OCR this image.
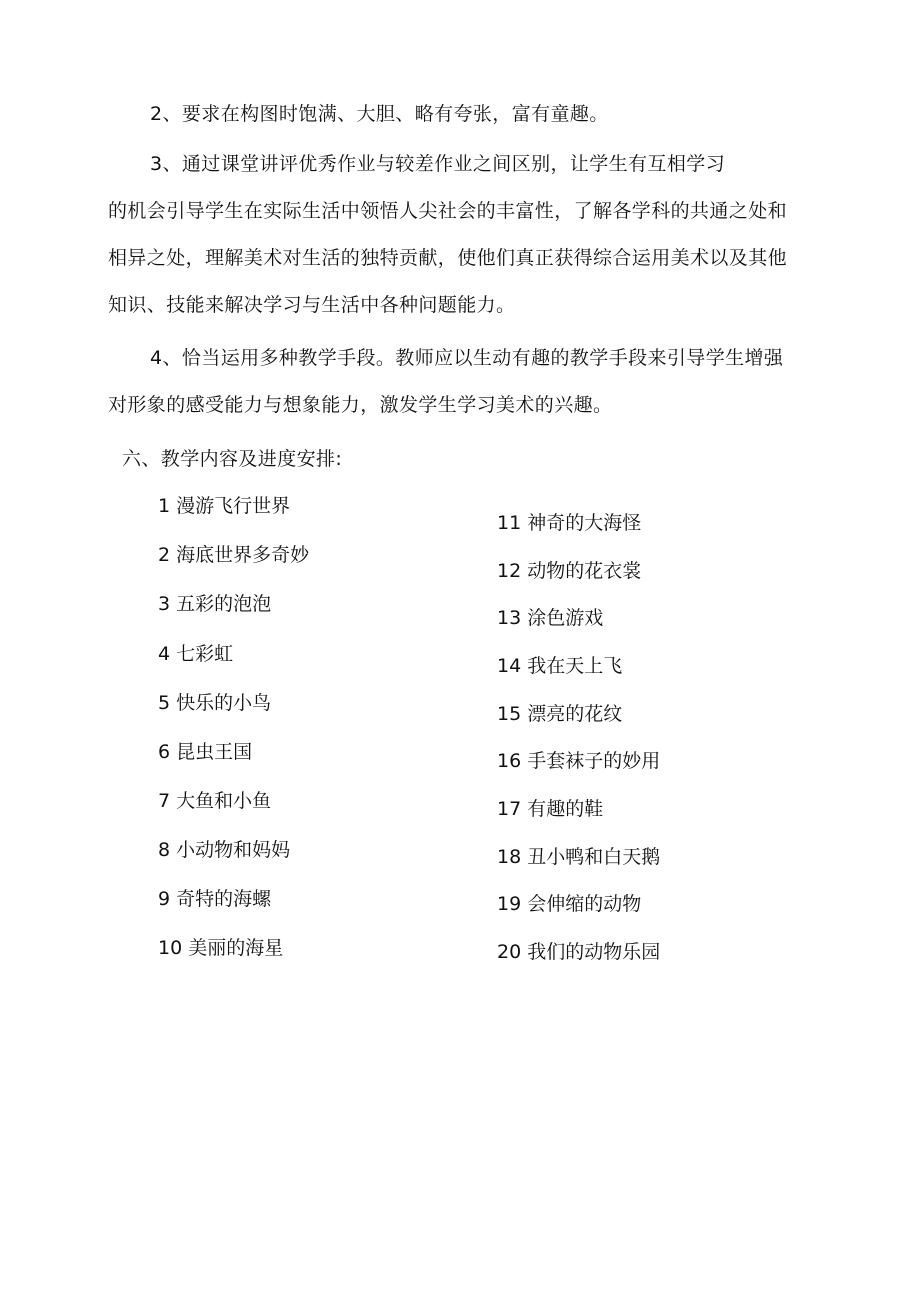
2、要求在构图时饱满、大胆、略有夸张，富有童趣。
3、通过课堂讲评优秀作业与较差作业之间区别，让学生有互相学习
的机会引导学生在实际生活中领悟人尖社会的丰富性，了解各学科的共通之处和
相异之处，理解美术对生活的独特贡献，使他们真正获得综合运用美术以及其他
知识、技能来解决学习与生活中各种问题能力。
4、恰当运用多种教学手段。教师应以生动有趣的教学手段来引导学生增强
对形象的感受能力与想象能力，激发学生学习美术的兴趣。
六、教学内容及进度安排:
1 漫游飞行世界
2 海底世界多奇妙
3 五彩的泡泡
4 七彩虹
5 快乐的小鸟
6 昆虫王国
7 大鱼和小鱼
8 小动物和妈妈
9 奇特的海螺
10 美丽的海星
11 神奇的大海怪
12 动物的花衣裳
13 涂色游戏
14 我在天上飞
15 漂亮的花纹
16 手套袜子的妙用
17 有趣的鞋
18 丑小鸭和白天鹅
19 会伸缩的动物
20 我们的动物乐园
